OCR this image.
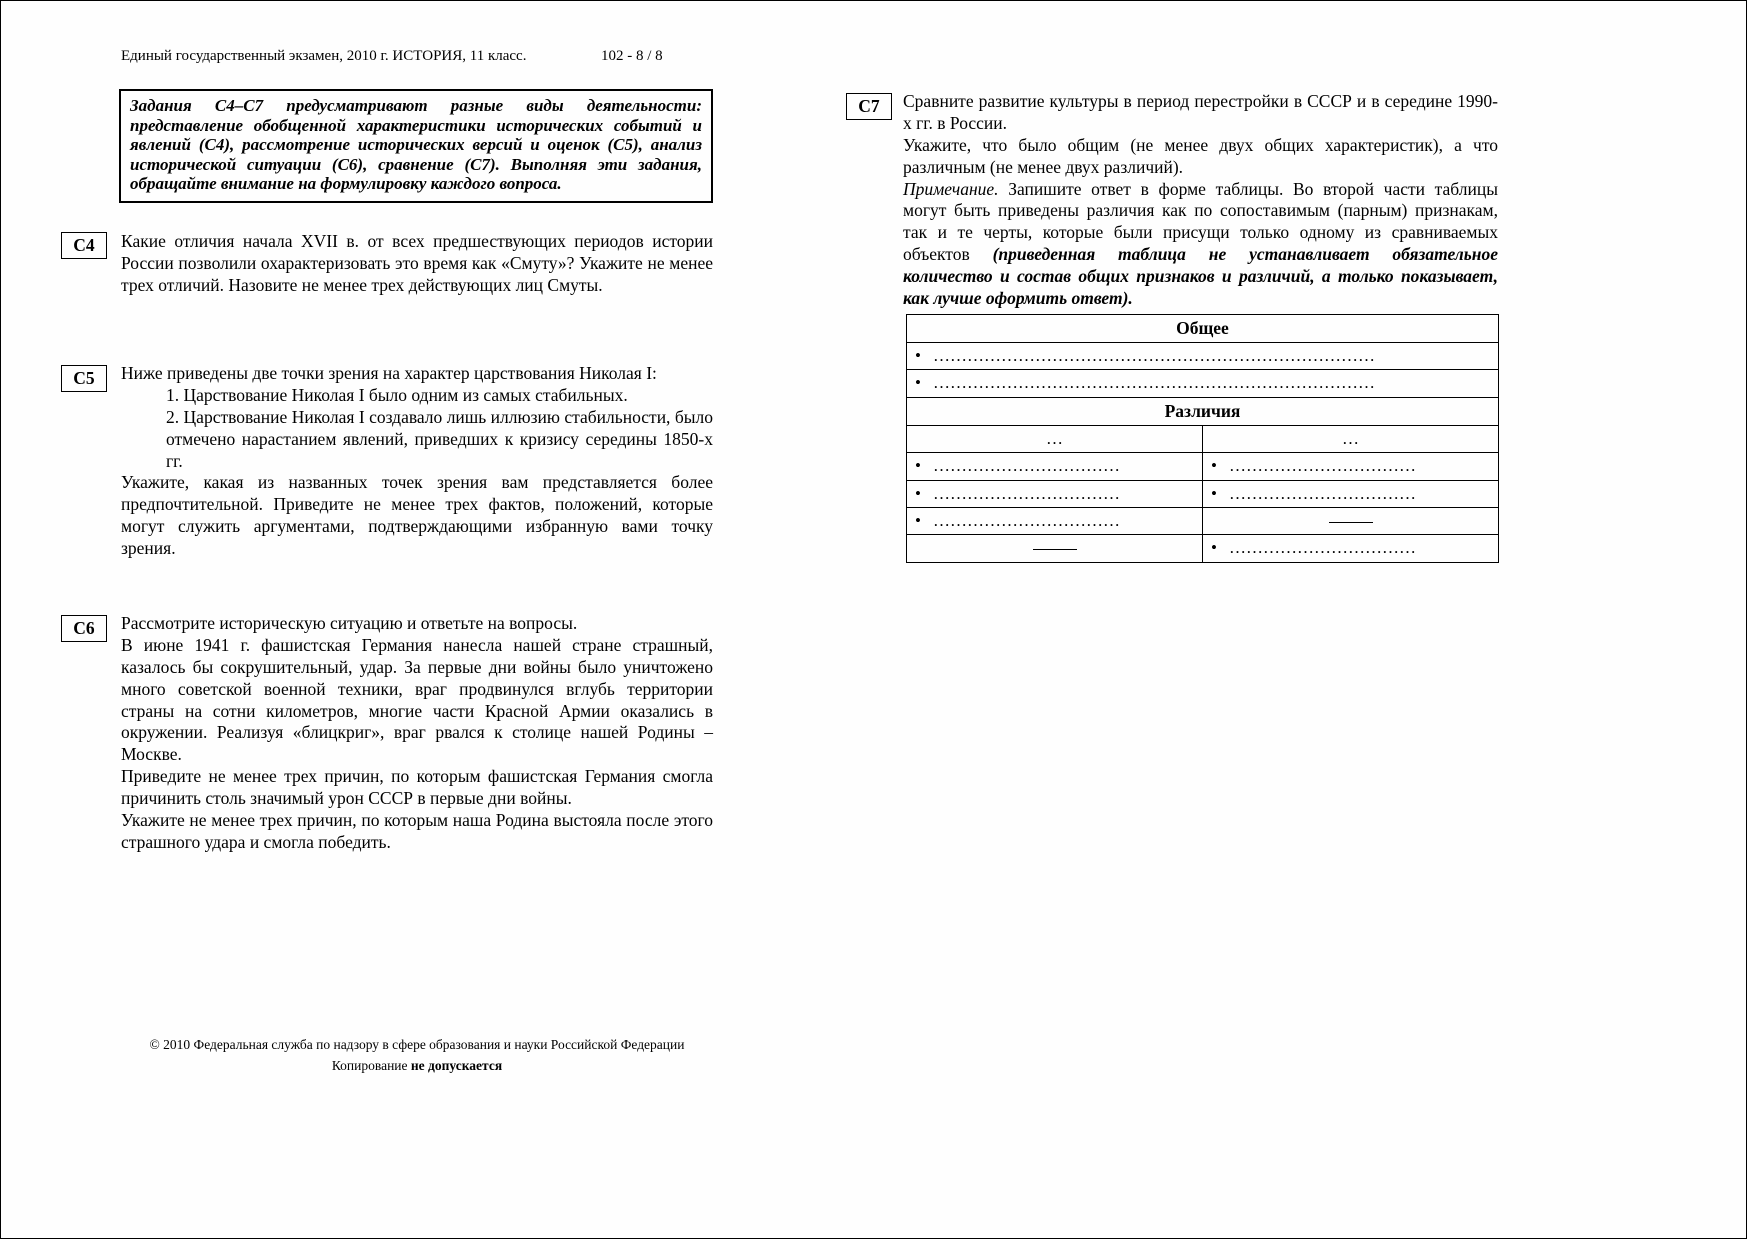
Единый государственный экзамен, 2010 г. ИСТОРИЯ, 11 класс.	102 - 8 / 8

Задания С4–С7 предусматривают разные виды деятельности: представление обобщенной характеристики исторических событий и явлений (С4), рассмотрение исторических версий и оценок (С5), анализ исторической ситуации (С6), сравнение (С7). Выполняя эти задания, обращайте внимание на формулировку каждого вопроса.

С4	Какие отличия начала XVII в. от всех предшествующих периодов истории России позволили охарактеризовать это время как «Смуту»? Укажите не менее трех отличий. Назовите не менее трех действующих лиц Смуты.

С5	Ниже приведены две точки зрения на характер царствования Николая I:

1. Царствование Николая I было одним из самых стабильных.

2. Царствование Николая I создавало лишь иллюзию стабильности, было отмечено нарастанием явлений, приведших к кризису середины 1850-х гг.

Укажите, какая из названных точек зрения вам представляется более предпочтительной. Приведите не менее трех фактов, положений, которые могут служить аргументами, подтверждающими избранную вами точку зрения.

С6	Рассмотрите историческую ситуацию и ответьте на вопросы.

В июне 1941 г. фашистская Германия нанесла нашей стране страшный, казалось бы сокрушительный, удар. За первые дни войны было уничтожено много советской военной техники, враг продвинулся вглубь территории страны на сотни километров, многие части Красной Армии оказались в окружении. Реализуя «блицкриг», враг рвался к столице нашей Родины – Москве.

Приведите не менее трех причин, по которым фашистская Германия смогла причинить столь значимый урон СССР в первые дни войны.

Укажите не менее трех причин, по которым наша Родина выстояла после этого страшного удара и смогла победить.

С7	Сравните развитие культуры в период перестройки в СССР и в середине 1990-х гг. в России.

Укажите, что было общим (не менее двух общих характеристик), а что различным (не менее двух различий).

Примечание. Запишите ответ в форме таблицы. Во второй части таблицы могут быть приведены различия как по сопоставимым (парным) признакам, так и те черты, которые были присущи только одному из сравниваемых объектов (приведенная таблица не устанавливает обязательное количество и состав общих признаков и различий, а только показывает, как лучше оформить ответ).

Общее	
• ……………………………………………………………………	
• ……………………………………………………………………	
Различия	
…	…
• ……………………………	• ……………………………
• ……………………………	• ……………………………
• ……………………………	
	• ……………………………

© 2010 Федеральная служба по надзору в сфере образования и науки Российской Федерации

Копирование не допускается
